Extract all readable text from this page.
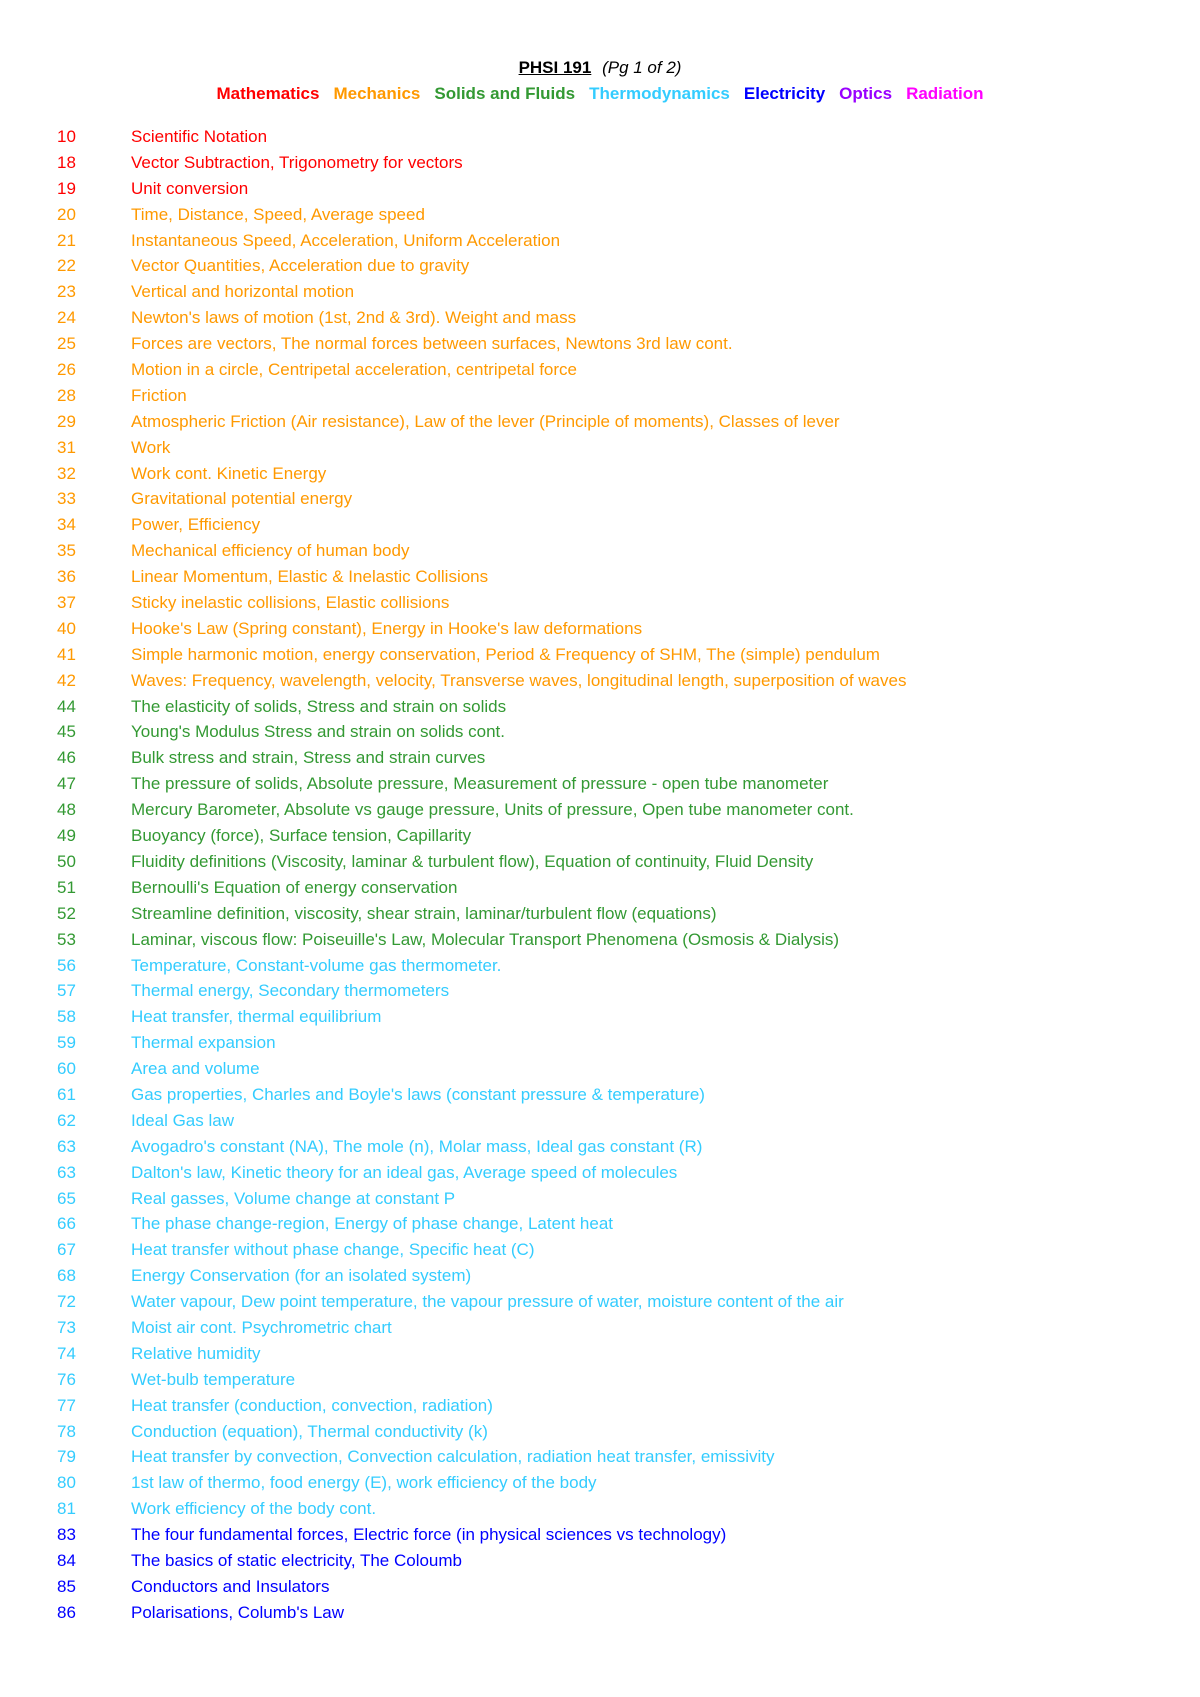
PHSI 191 (Pg 1 of 2)
Mathematics Mechanics Solids and Fluids Thermodynamics Electricity Optics Radiation
10	Scientific Notation
18	Vector Subtraction, Trigonometry for vectors
19	Unit conversion
20	Time, Distance, Speed, Average speed
21	Instantaneous Speed, Acceleration, Uniform Acceleration
22	Vector Quantities, Acceleration due to gravity
23	Vertical and horizontal motion
24	Newton's laws of motion (1st, 2nd & 3rd). Weight and mass
25	Forces are vectors, The normal forces between surfaces, Newtons 3rd law cont.
26	Motion in a circle, Centripetal acceleration, centripetal force
28	Friction
29	Atmospheric Friction (Air resistance), Law of the lever (Principle of moments), Classes of lever
31	Work
32	Work cont. Kinetic Energy
33	Gravitational potential energy
34	Power, Efficiency
35	Mechanical efficiency of human body
36	Linear Momentum, Elastic & Inelastic Collisions
37	Sticky inelastic collisions, Elastic collisions
40	Hooke's Law (Spring constant), Energy in Hooke's law deformations
41	Simple harmonic motion, energy conservation, Period & Frequency of SHM, The (simple) pendulum
42	Waves: Frequency, wavelength, velocity, Transverse waves, longitudinal length, superposition of waves
44	The elasticity of solids, Stress and strain on solids
45	Young's Modulus Stress and strain on solids cont.
46	Bulk stress and strain, Stress and strain curves
47	The pressure of solids, Absolute pressure, Measurement of pressure - open tube manometer
48	Mercury Barometer, Absolute vs gauge pressure, Units of pressure, Open tube manometer cont.
49	Buoyancy (force), Surface tension, Capillarity
50	Fluidity definitions (Viscosity, laminar & turbulent flow), Equation of continuity, Fluid Density
51	Bernoulli's Equation of energy conservation
52	Streamline definition, viscosity, shear strain, laminar/turbulent flow (equations)
53	Laminar, viscous flow: Poiseuille's Law, Molecular Transport Phenomena (Osmosis & Dialysis)
56	Temperature, Constant-volume gas thermometer.
57	Thermal energy, Secondary thermometers
58	Heat transfer, thermal equilibrium
59	Thermal expansion
60	Area and volume
61	Gas properties, Charles and Boyle's laws (constant pressure & temperature)
62	Ideal Gas law
63	Avogadro's constant (NA), The mole (n), Molar mass, Ideal gas constant (R)
63	Dalton's law, Kinetic theory for an ideal gas, Average speed of molecules
65	Real gasses, Volume change at constant P
66	The phase change-region, Energy of phase change, Latent heat
67	Heat transfer without phase change, Specific heat (C)
68	Energy Conservation (for an isolated system)
72	Water vapour, Dew point temperature, the vapour pressure of water, moisture content of the air
73	Moist air cont. Psychrometric chart
74	Relative humidity
76	Wet-bulb temperature
77	Heat transfer (conduction, convection, radiation)
78	Conduction (equation), Thermal conductivity (k)
79	Heat transfer by convection, Convection calculation, radiation heat transfer, emissivity
80	1st law of thermo, food energy (E), work efficiency of the body
81	Work efficiency of the body cont.
83	The four fundamental forces, Electric force (in physical sciences vs technology)
84	The basics of static electricity, The Coloumb
85	Conductors and Insulators
86	Polarisations, Columb's Law
